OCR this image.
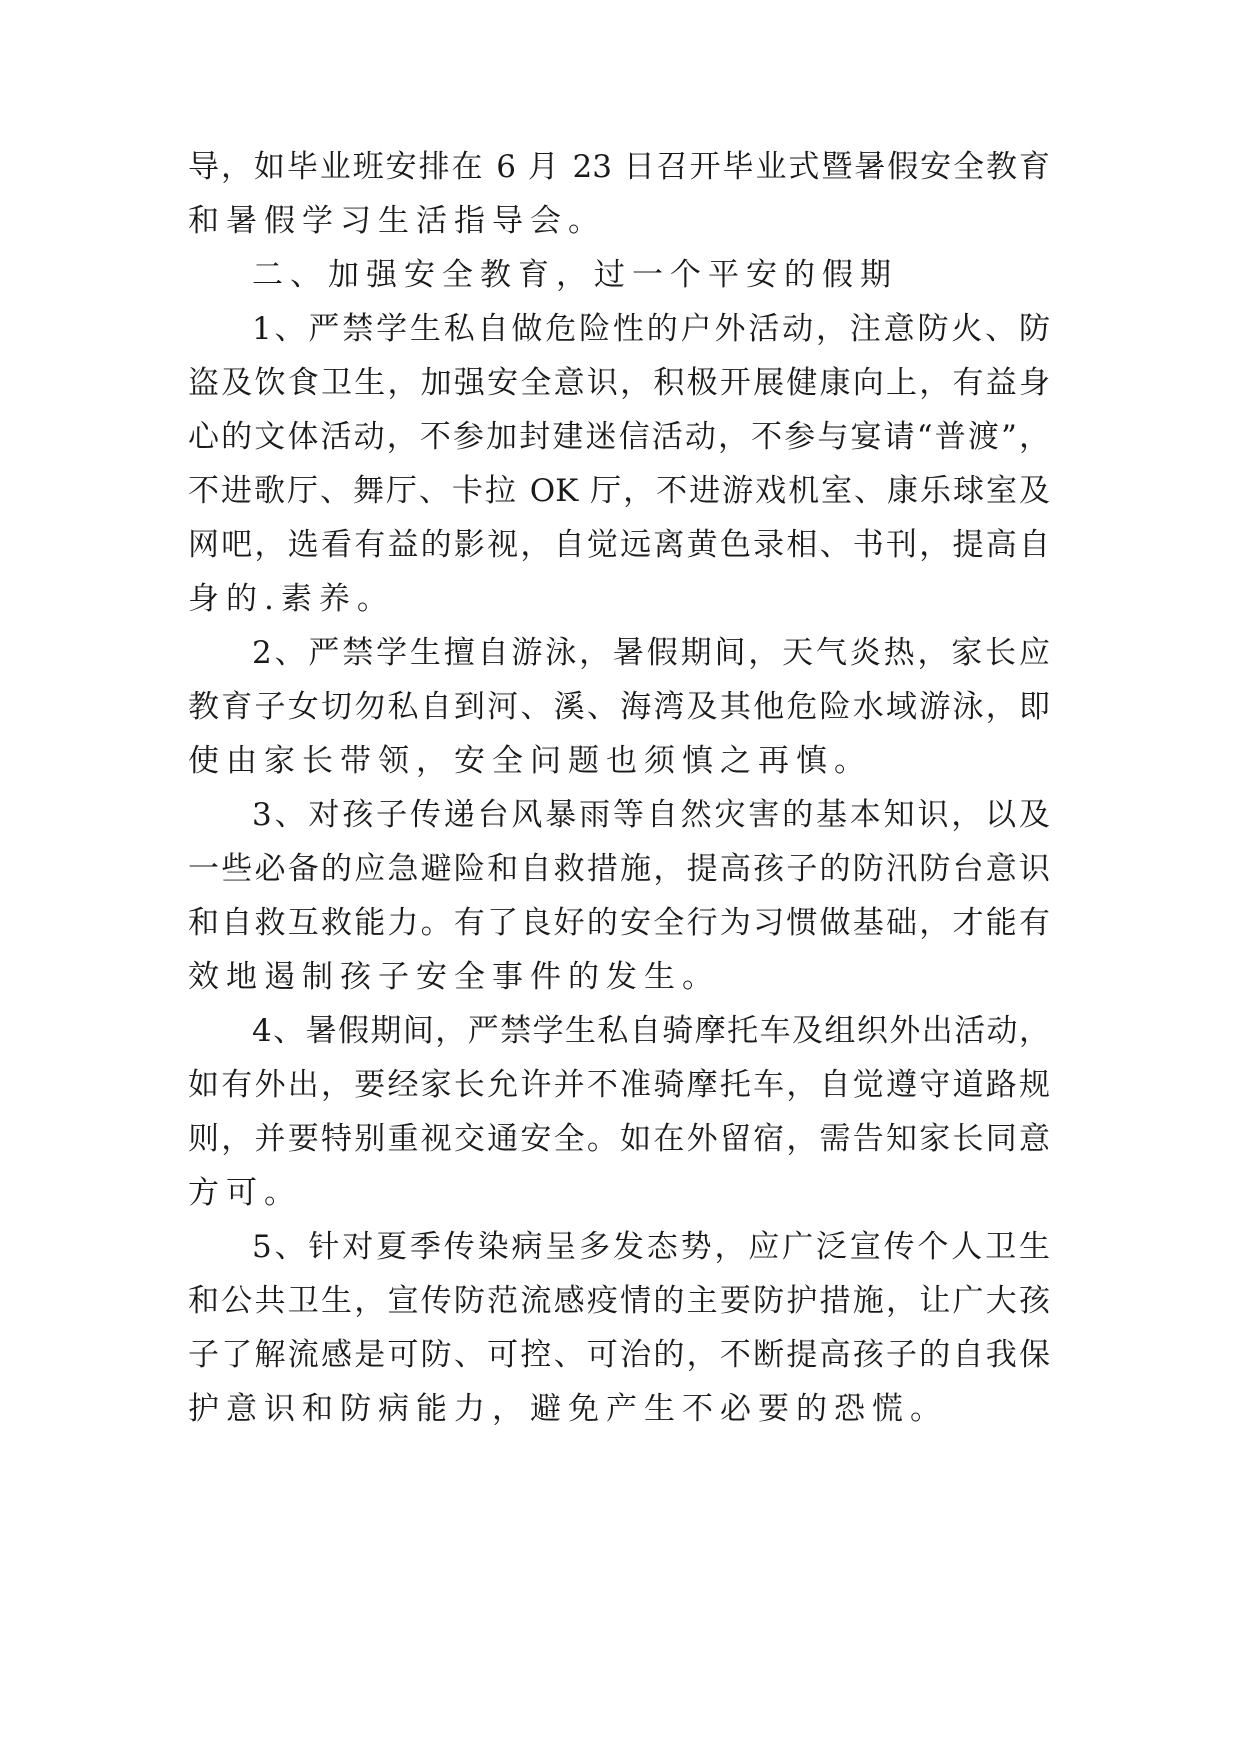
导，如毕业班安排在 6 月 23 日召开毕业式暨暑假安全教育
和暑假学习生活指导会。
二、加强安全教育，过一个平安的假期
1、严禁学生私自做危险性的户外活动，注意防火、防
盗及饮食卫生，加强安全意识，积极开展健康向上，有益身
心的文体活动，不参加封建迷信活动，不参与宴请“普渡”，
不进歌厅、舞厅、卡拉 OK 厅，不进游戏机室、康乐球室及
网吧，选看有益的影视，自觉远离黄色录相、书刊，提高自
身的.素养。
2、严禁学生擅自游泳，暑假期间，天气炎热，家长应
教育子女切勿私自到河、溪、海湾及其他危险水域游泳，即
使由家长带领，安全问题也须慎之再慎。
3、对孩子传递台风暴雨等自然灾害的基本知识，以及
一些必备的应急避险和自救措施，提高孩子的防汛防台意识
和自救互救能力。有了良好的安全行为习惯做基础，才能有
效地遏制孩子安全事件的发生。
4、暑假期间，严禁学生私自骑摩托车及组织外出活动，
如有外出，要经家长允许并不准骑摩托车，自觉遵守道路规
则，并要特别重视交通安全。如在外留宿，需告知家长同意
方可。
5、针对夏季传染病呈多发态势，应广泛宣传个人卫生
和公共卫生，宣传防范流感疫情的主要防护措施，让广大孩
子了解流感是可防、可控、可治的，不断提高孩子的自我保
护意识和防病能力，避免产生不必要的恐慌。
